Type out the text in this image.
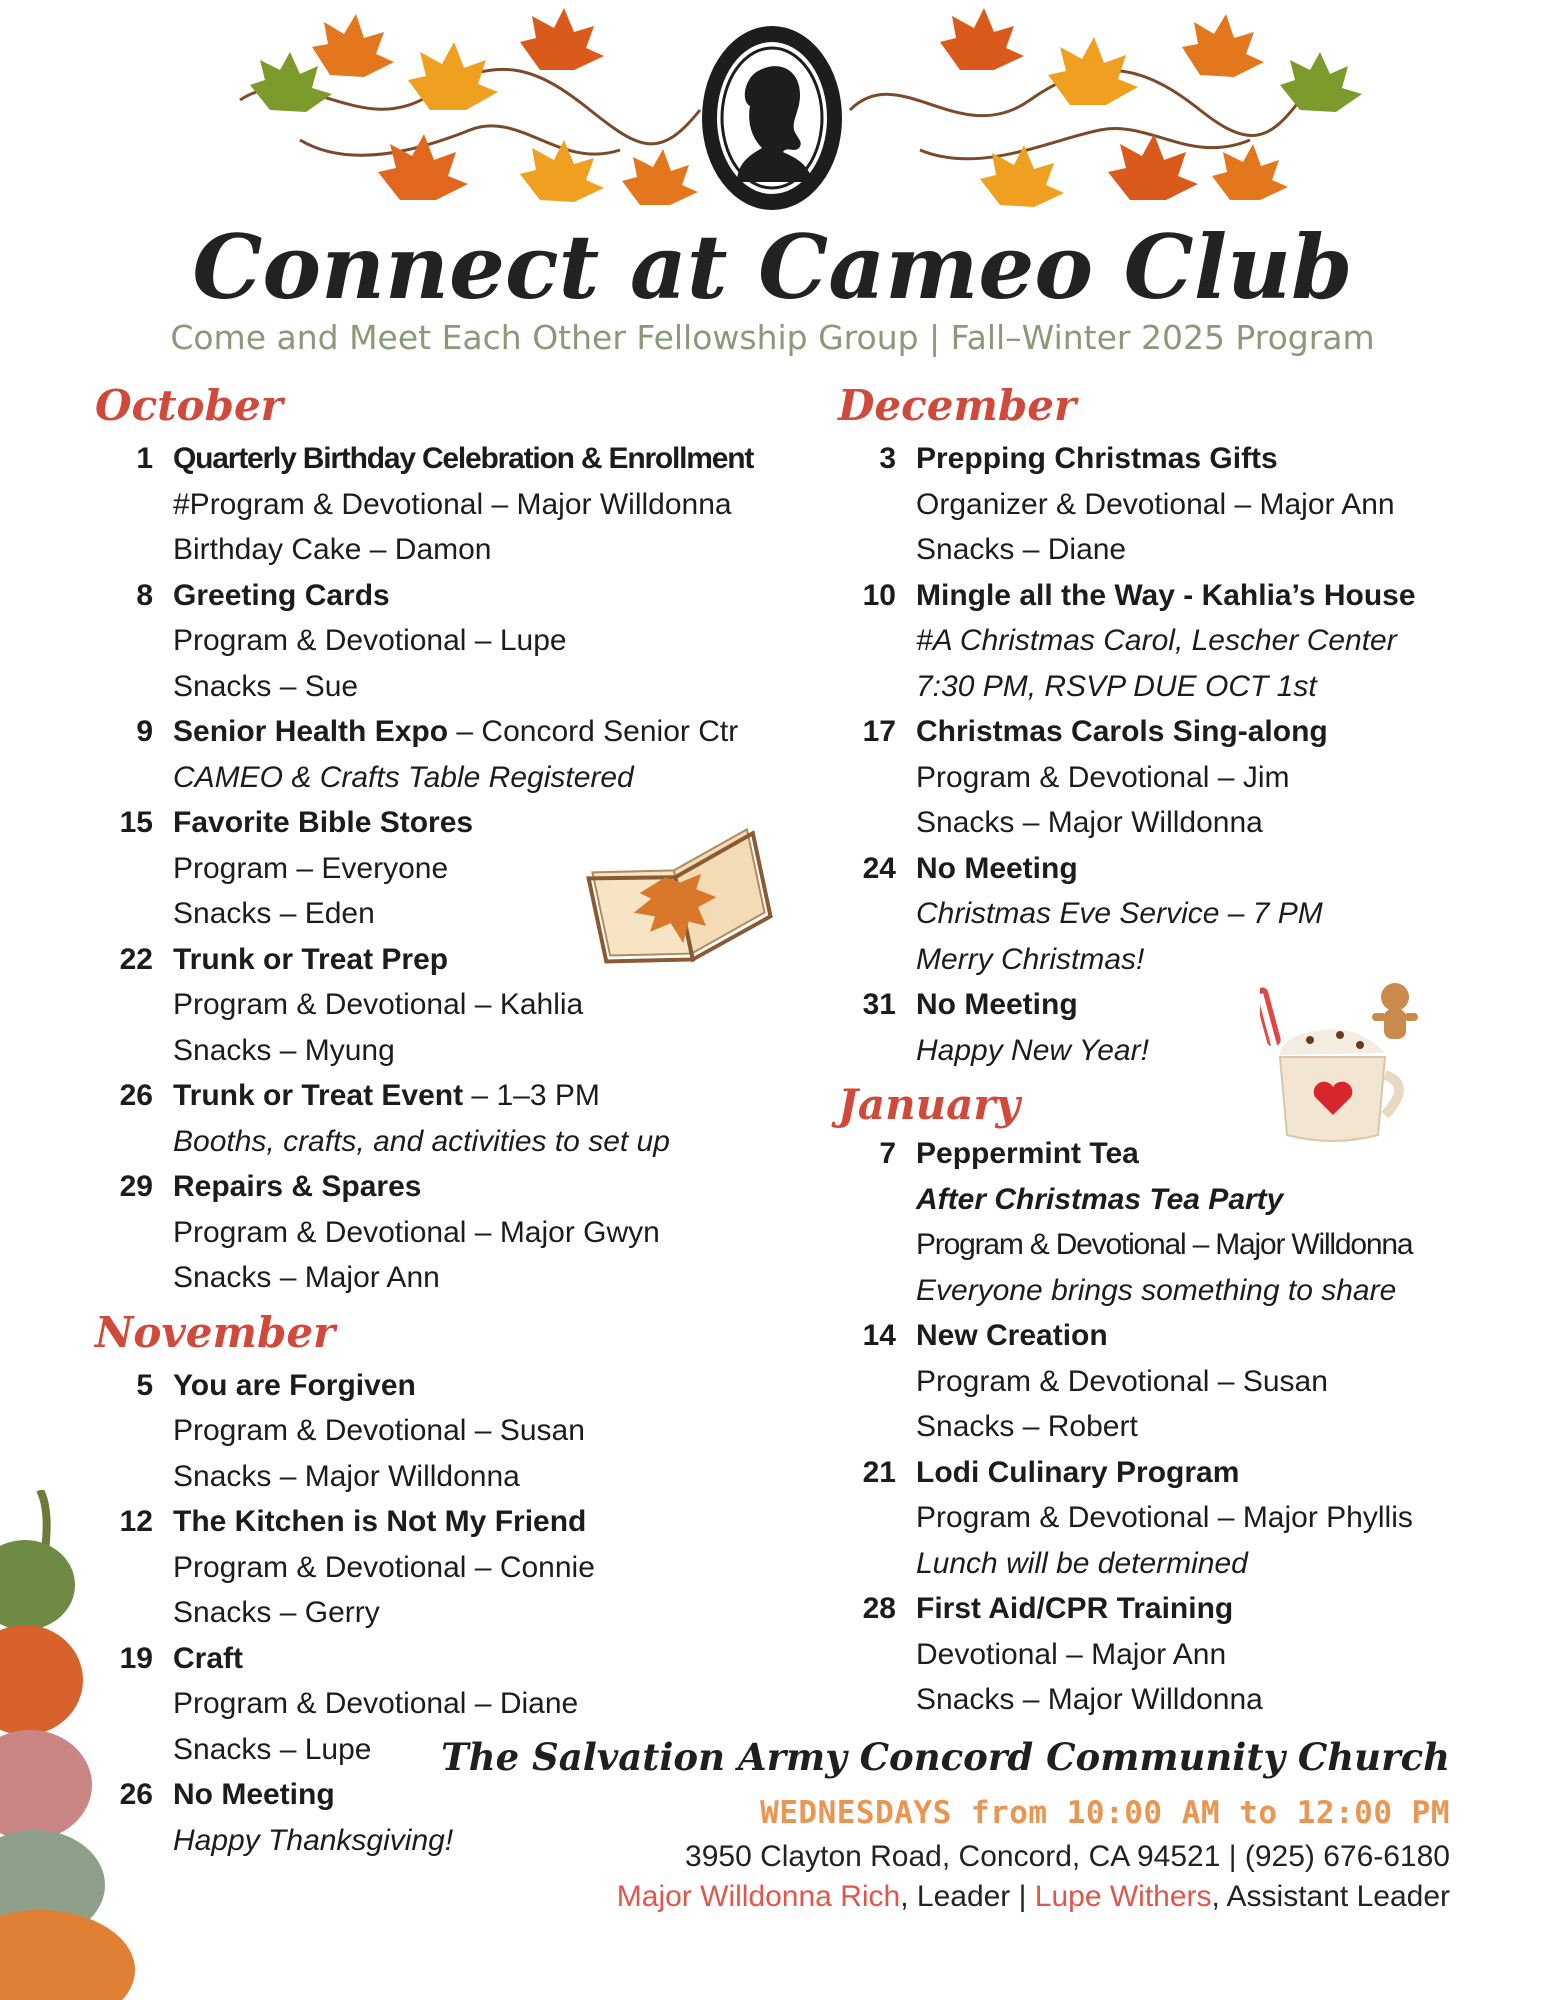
Connect at Cameo Club
Come and Meet Each Other Fellowship Group | Fall–Winter 2025 Program
October
1 Quarterly Birthday Celebration & Enrollment
#Program & Devotional – Major Willdonna
Birthday Cake – Damon
8 Greeting Cards
Program & Devotional – Lupe
Snacks – Sue
9 Senior Health Expo – Concord Senior Ctr
CAMEO & Crafts Table Registered
15 Favorite Bible Stores
Program – Everyone
Snacks – Eden
22 Trunk or Treat Prep
Program & Devotional – Kahlia
Snacks – Myung
26 Trunk or Treat Event – 1–3 PM
Booths, crafts, and activities to set up
29 Repairs & Spares
Program & Devotional – Major Gwyn
Snacks – Major Ann
November
5 You are Forgiven
Program & Devotional – Susan
Snacks – Major Willdonna
12 The Kitchen is Not My Friend
Program & Devotional – Connie
Snacks – Gerry
19 Craft
Program & Devotional – Diane
Snacks – Lupe
26 No Meeting
Happy Thanksgiving!
December
3 Prepping Christmas Gifts
Organizer & Devotional – Major Ann
Snacks – Diane
10 Mingle all the Way - Kahlia’s House
#A Christmas Carol, Lescher Center
7:30 PM, RSVP DUE OCT 1st
17 Christmas Carols Sing-along
Program & Devotional – Jim
Snacks – Major Willdonna
24 No Meeting
Christmas Eve Service – 7 PM
Merry Christmas!
31 No Meeting
Happy New Year!
January
7 Peppermint Tea
After Christmas Tea Party
Program & Devotional – Major Willdonna
Everyone brings something to share
14 New Creation
Program & Devotional – Susan
Snacks – Robert
21 Lodi Culinary Program
Program & Devotional – Major Phyllis
Lunch will be determined
28 First Aid/CPR Training
Devotional – Major Ann
Snacks – Major Willdonna
The Salvation Army Concord Community Church
WEDNESDAYS from 10:00 AM to 12:00 PM
3950 Clayton Road, Concord, CA 94521 | (925) 676-6180
Major Willdonna Rich, Leader | Lupe Withers, Assistant Leader
